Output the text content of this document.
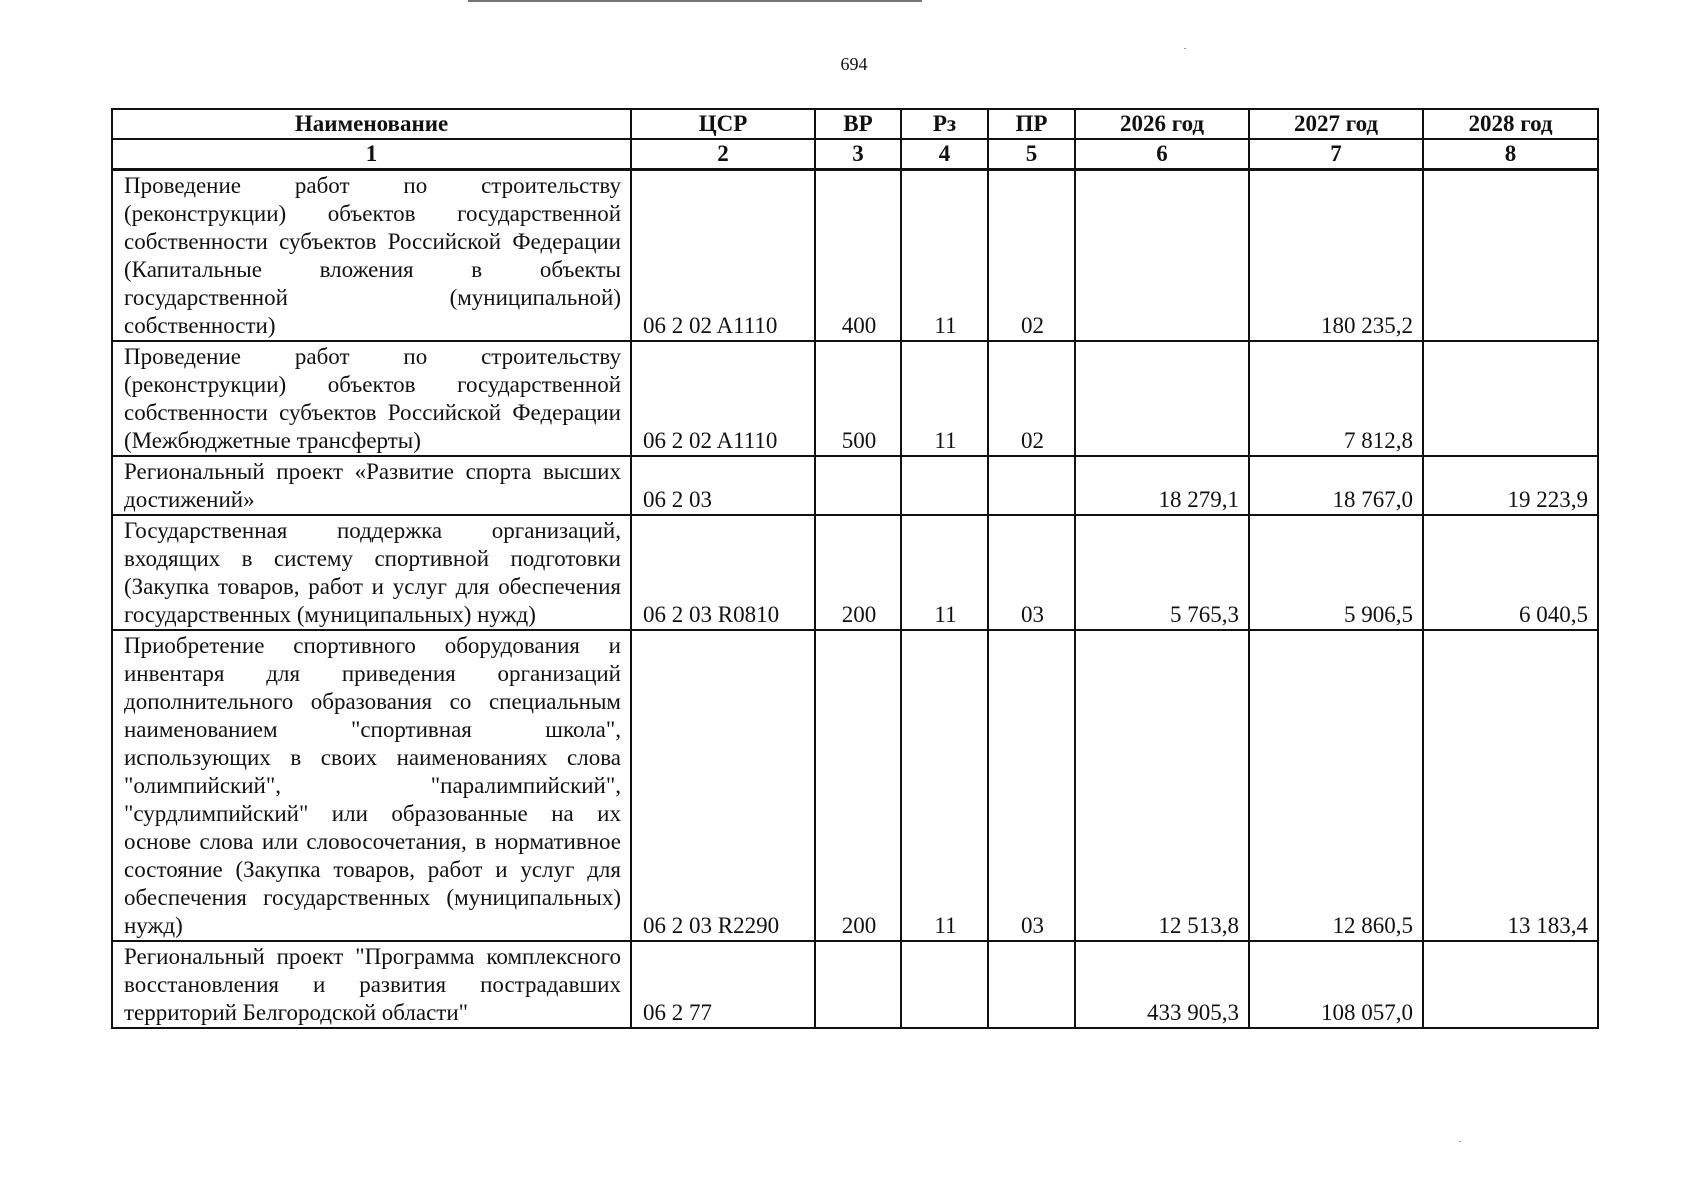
694
Наименование	ЦСР	ВР	Рз	ПР	2026 год	2027 год	2028 год
1	2	3	4	5	6	7	8
Проведение работ по строительству (реконструкции) объектов государственной собственности субъектов Российской Федерации (Капитальные вложения в объекты государственной (муниципальной) собственности)	06 2 02 A1110	400	11	02		180 235,2	
Проведение работ по строительству (реконструкции) объектов государственной собственности субъектов Российской Федерации (Межбюджетные трансферты)	06 2 02 A1110	500	11	02		7 812,8	
Региональный проект «Развитие спорта высших достижений»	06 2 03				18 279,1	18 767,0	19 223,9
Государственная поддержка организаций, входящих в систему спортивной подготовки (Закупка товаров, работ и услуг для обеспечения государственных (муниципальных) нужд)	06 2 03 R0810	200	11	03	5 765,3	5 906,5	6 040,5
Приобретение спортивного оборудования и инвентаря для приведения организаций дополнительного образования со специальным наименованием "спортивная школа", использующих в своих наименованиях слова "олимпийский", "паралимпийский", "сурдлимпийский" или образованные на их основе слова или словосочетания, в нормативное состояние (Закупка товаров, работ и услуг для обеспечения государственных (муниципальных) нужд)	06 2 03 R2290	200	11	03	12 513,8	12 860,5	13 183,4
Региональный проект "Программа комплексного восстановления и развития пострадавших территорий Белгородской области"	06 2 77				433 905,3	108 057,0	
